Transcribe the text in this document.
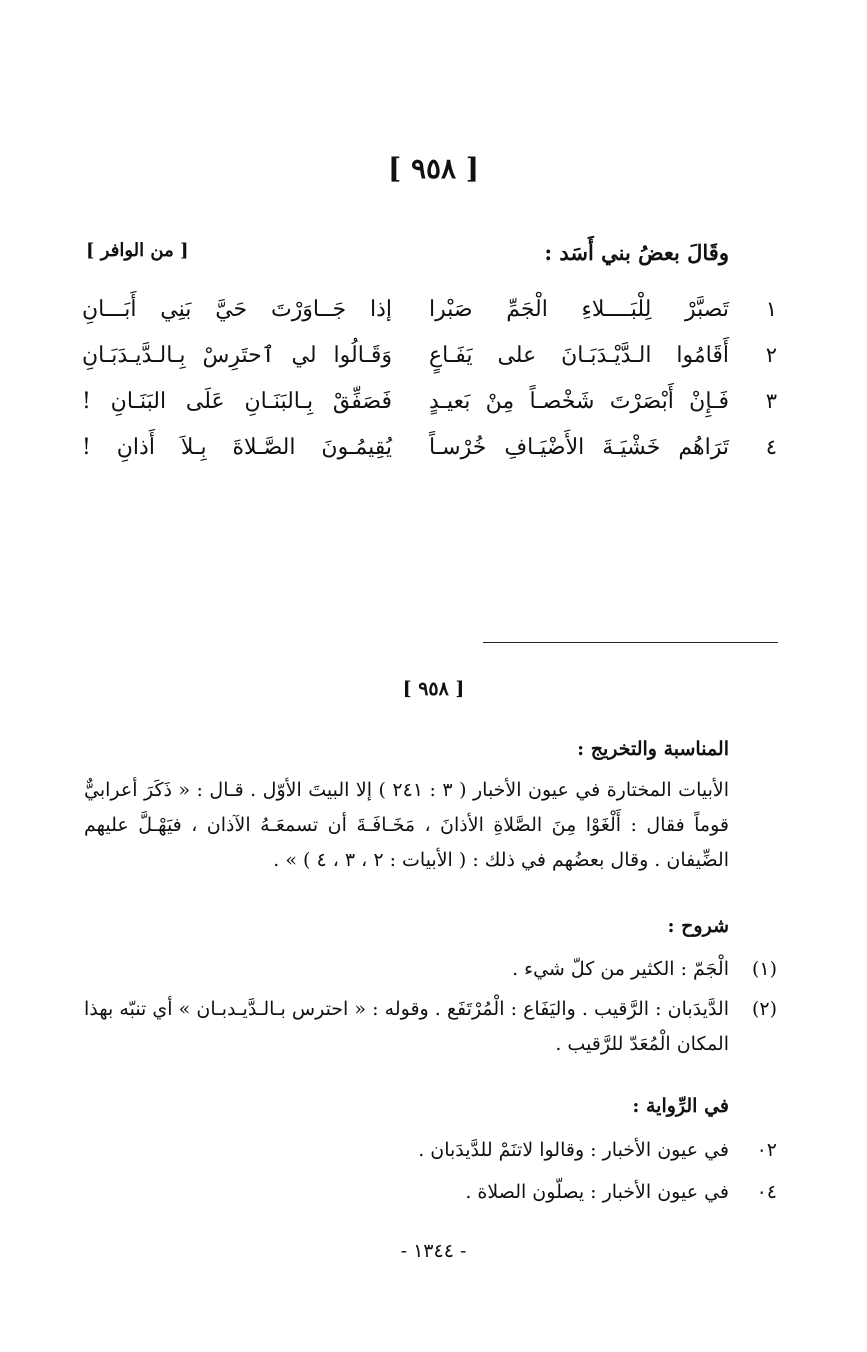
[ ٩٥٨ ]
وقَالَ بعضُ بني أَسَد :
[ من الوافر ]
١
تَصبَّرْ لِلْبَــــلاءِ الْجَمِّ صَبْرا
إذا جَــاوَرْتَ حَيَّ بَنِي أَبَـــانِ
٢
أَقَامُوا الـدَّيْـدَبَـانَ على يَفَـاعٍ
وَقَـالُوا لي ٱحتَرِسْ بِـالـدَّيـدَبَـانِ
٣
فَـإِنْ أَبْصَرْتَ شَخْصـاً مِنْ بَعيـدٍ
فَصَفِّقْ بِـالبَنَـانِ عَلَى البَنَـانِ !
٤
تَرَاهُم خَشْيَـةَ الأَضْيَـافِ خُرْسـاً
يُقِيمُـونَ الصَّـلاةَ بِـلاَ أَذانِ !
[ ٩٥٨ ]
المناسبة والتخريج :
الأبيات المختارة في عيون الأخبار ( ٣ : ٢٤١ ) إلا البيتَ الأوّل . قـال : « ذَكَرَ أعرابيٌّ قوماً فقال : أَلْغَوْا مِنَ الصَّلاةِ الأذانَ ، مَخَـافَـةَ أن تسمعَـهُ الآذان ، فيَهْـلَّ عليهم الضِّيفان . وقال بعضُهم في ذلك : ( الأبيات : ٢ ، ٣ ، ٤ ) » .
شروح :
(١)
الْجَمّ : الكثير من كلّ شيء .
(٢)
الدَّيدَبان : الرَّقيب . واليَفَاع : الْمُرْتَفَع . وقوله : « احترس بـالـدَّيـدبـان » أي تنبّه بهذا المكان الْمُعَدّ للرَّقيب .
في الرِّواية :
٠٢
في عيون الأخبار : وقالوا لاتنَمْ للدَّيدَبان .
٠٤
في عيون الأخبار : يصلّون الصلاة .
- ١٣٤٤ -
